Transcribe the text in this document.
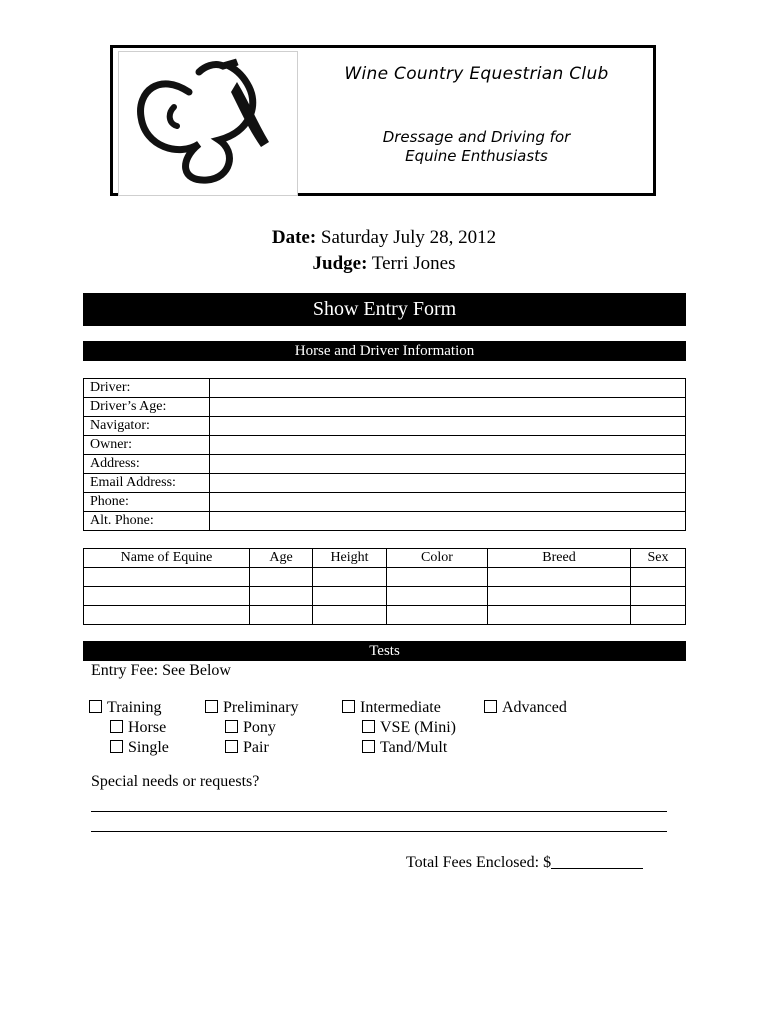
Wine Country Equestrian Club
Dressage and Driving for
Equine Enthusiasts
Date: Saturday July 28, 2012
Judge: Terri Jones
Show Entry Form
Horse and Driver Information
Driver:	
Driver’s Age:	
Navigator:	
Owner:	
Address:	
Email Address:	
Phone:	
Alt. Phone:	
Name of Equine	Age	Height	Color	Breed	Sex

Tests
Entry Fee: See Below
Training	Preliminary	Intermediate	Advanced
Horse	Pony	VSE (Mini)
Single	Pair	Tand/Mult
Special needs or requests?
Total Fees Enclosed: $
